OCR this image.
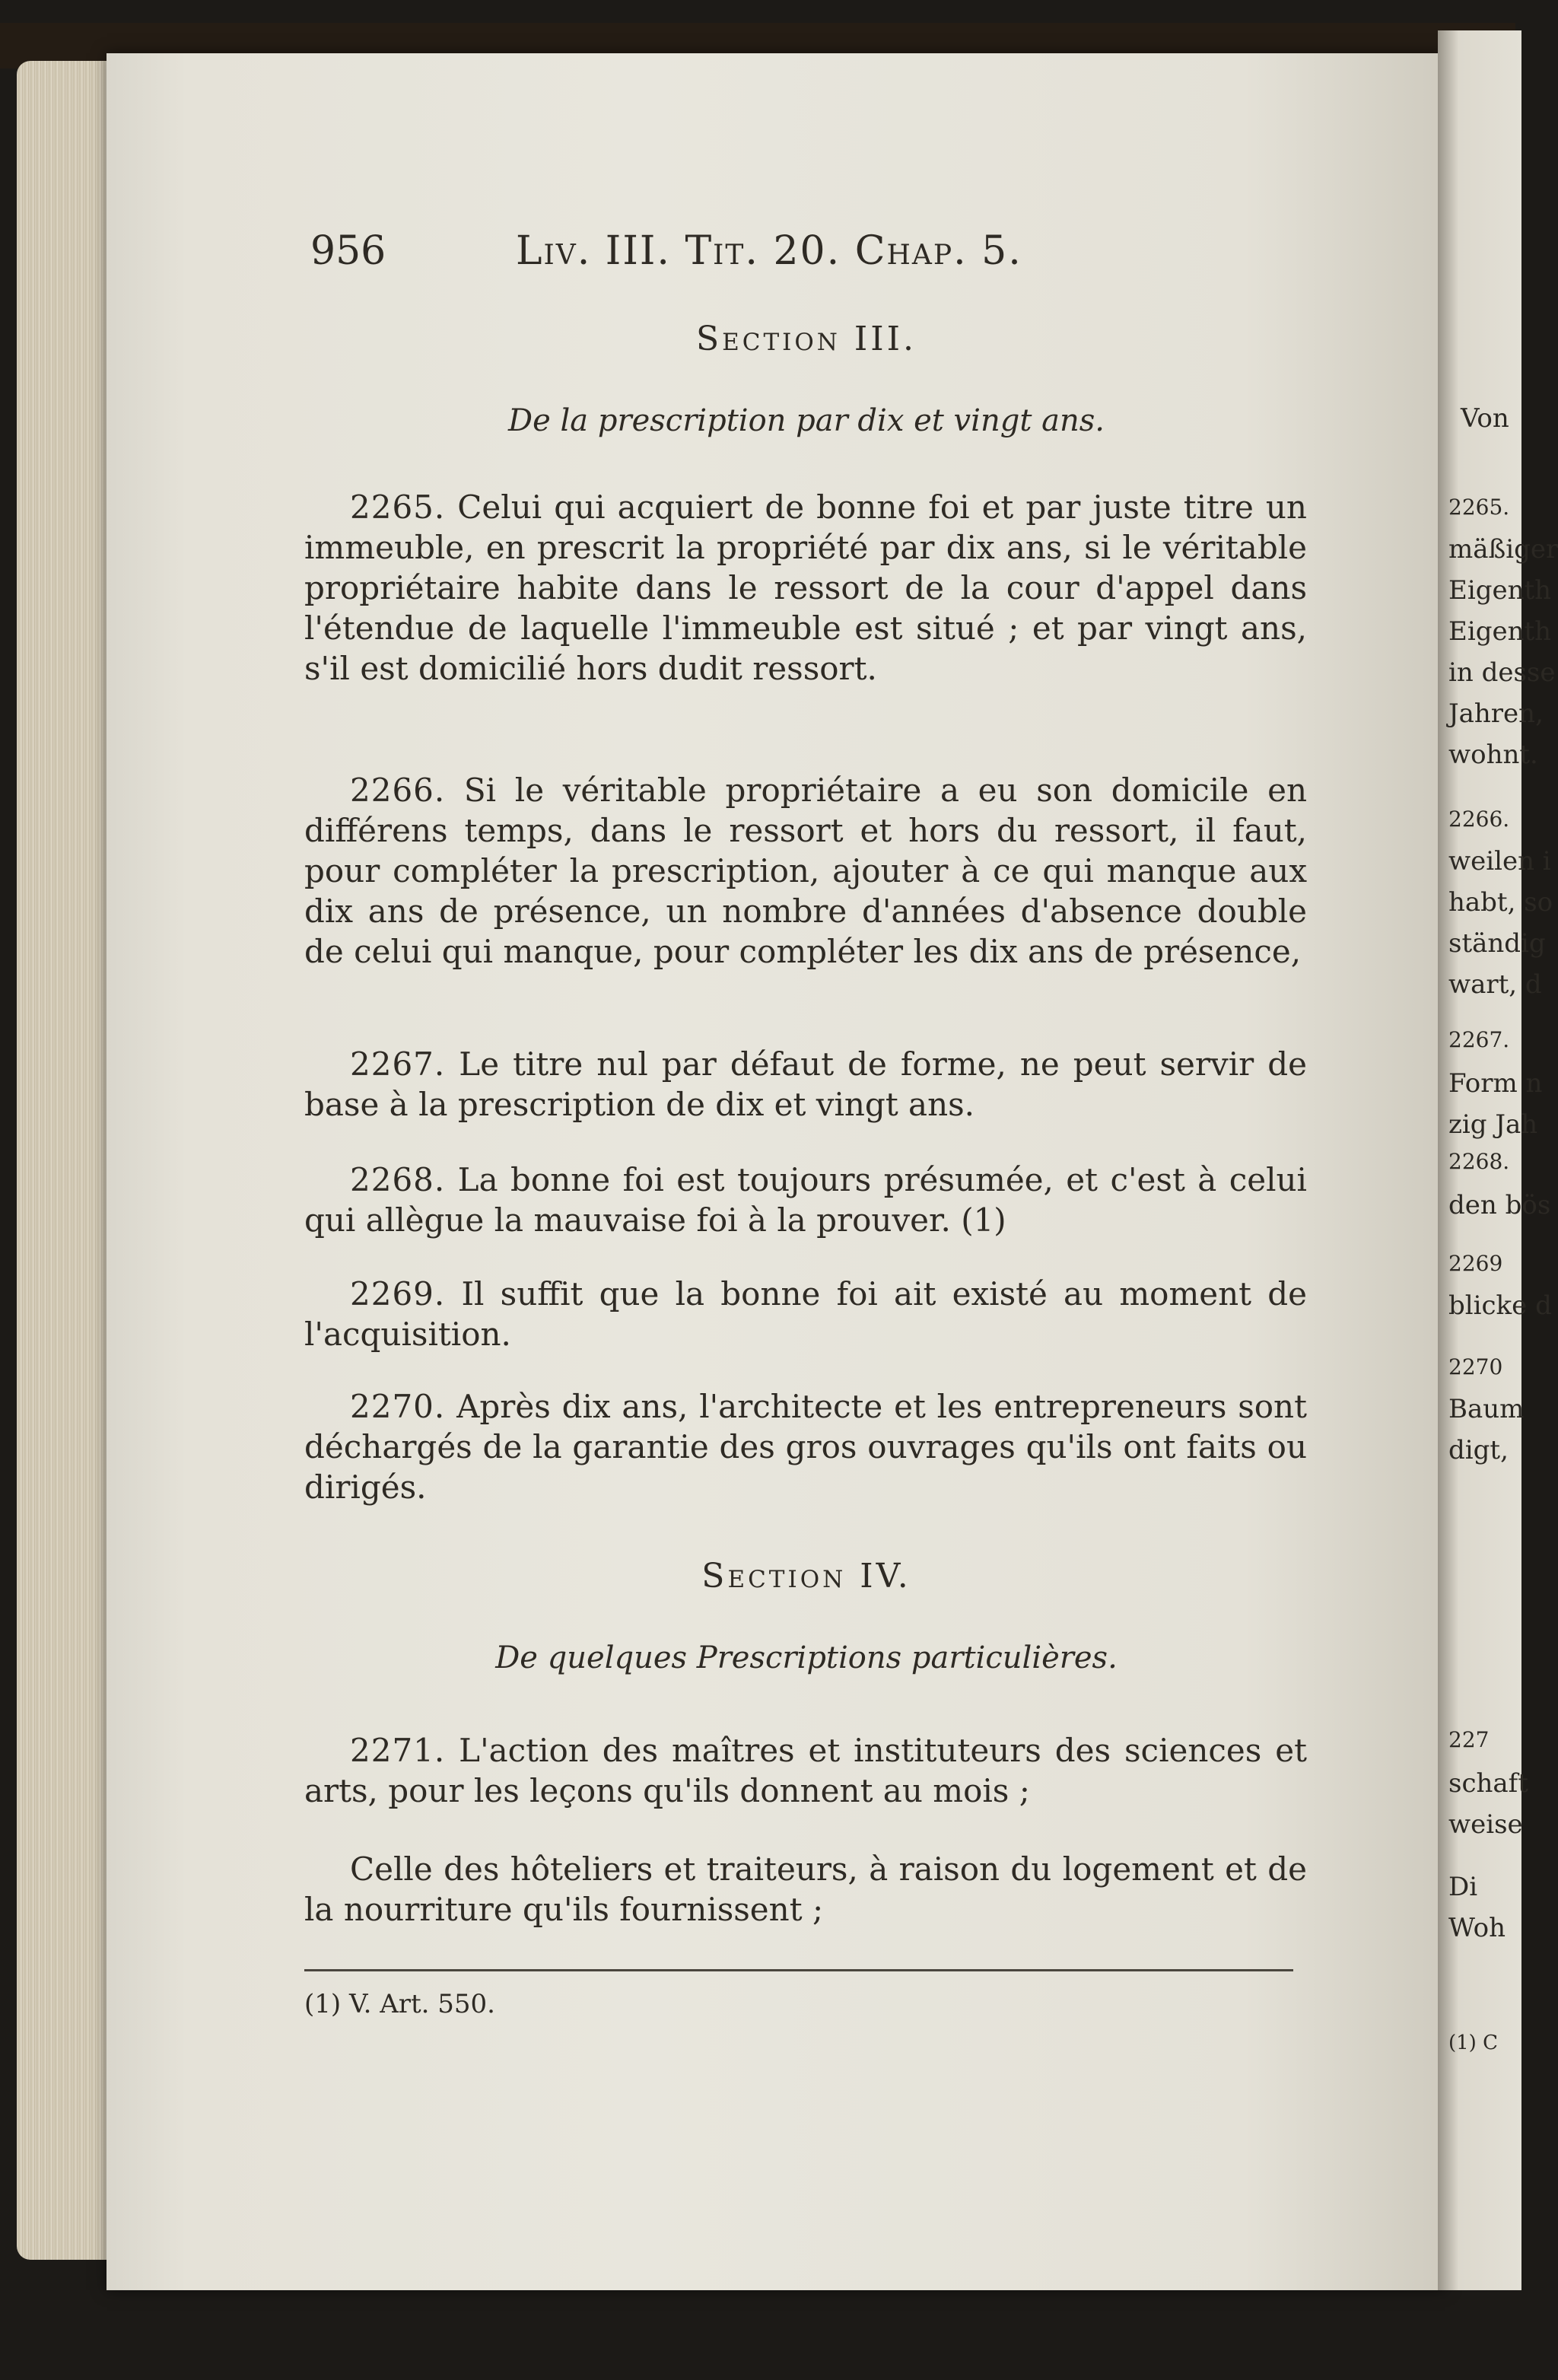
Von
2265.
mäßiger
Eigenth
Eigenth
in desse
Jahren,
wohnt.
2266.
weilen i
habt, so
ständig
wart, d
2267.
Form n
zig Jah
2268.
den bös
2269
blicke d
2270
Baum
digt,
227
schaft
weise
Di
Woh
(1) C
956	Liv. III. Tit. 20. Chap. 5.
Section III.
De la prescription par dix et vingt ans.

2265. Celui qui acquiert de bonne foi et par juste titre un immeuble, en prescrit la propriété par dix ans, si le véritable propriétaire habite dans le ressort de la cour d'appel dans l'étendue de laquelle l'immeuble est situé ; et par vingt ans, s'il est domicilié hors dudit ressort.

2266. Si le véritable propriétaire a eu son domicile en différens temps, dans le ressort et hors du ressort, il faut, pour compléter la prescription, ajouter à ce qui manque aux dix ans de présence, un nombre d'années d'absence double de celui qui manque, pour compléter les dix ans de présence,

2267. Le titre nul par défaut de forme, ne peut servir de base à la prescription de dix et vingt ans.

2268. La bonne foi est toujours présumée, et c'est à celui qui allègue la mauvaise foi à la prouver. (1)

2269. Il suffit que la bonne foi ait existé au moment de l'acquisition.

2270. Après dix ans, l'architecte et les entrepreneurs sont déchargés de la garantie des gros ouvrages qu'ils ont faits ou dirigés.

Section IV.
De quelques Prescriptions particulières.

2271. L'action des maîtres et instituteurs des sciences et arts, pour les leçons qu'ils donnent au mois ;

Celle des hôteliers et traiteurs, à raison du logement et de la nourriture qu'ils fournissent ;

(1) V. Art. 550.
